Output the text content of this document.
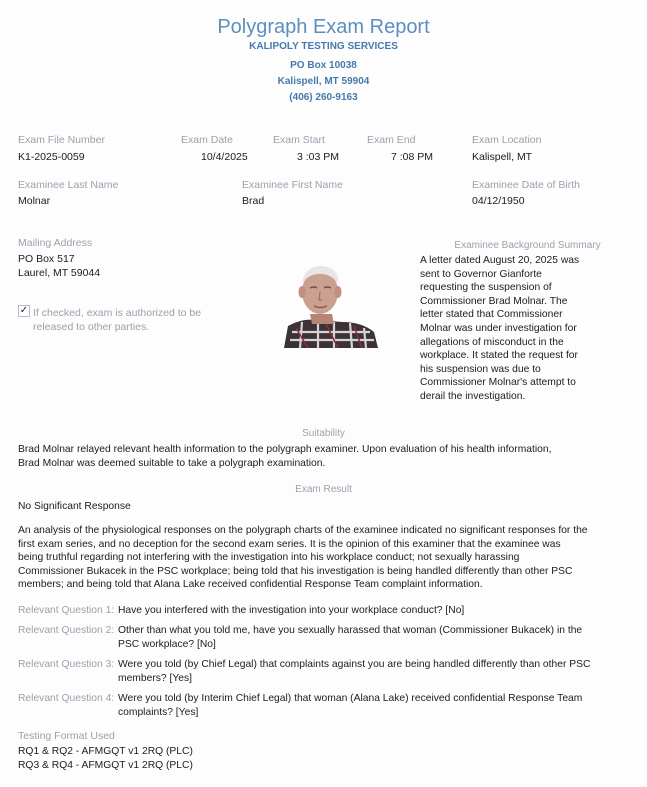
Polygraph Exam Report
KALIPOLY TESTING SERVICES
PO Box 10038
Kalispell, MT 59904
(406) 260-9163
Exam File Number
K1-2025-0059
Exam Date
10/4/2025
Exam Start
3 :03 PM
Exam End
7 :08 PM
Exam Location
Kalispell, MT
Examinee Last Name
Molnar
Examinee First Name
Brad
Examinee Date of Birth
04/12/1950
Mailing Address
PO Box 517
Laurel, MT 59044
✓ If checked, exam is authorized to be
released to other parties.
Examinee Background Summary
A letter dated August 20, 2025 was
sent to Governor Gianforte
requesting the suspension of
Commissioner Brad Molnar. The
letter stated that Commissioner
Molnar was under investigation for
allegations of misconduct in the
workplace. It stated the request for
his suspension was due to
Commissioner Molnar's attempt to
derail the investigation.
Suitability
Brad Molnar relayed relevant health information to the polygraph examiner. Upon evaluation of his health information,
Brad Molnar was deemed suitable to take a polygraph examination.
Exam Result
No Significant Response
An analysis of the physiological responses on the polygraph charts of the examinee indicated no significant responses for the
first exam series, and no deception for the second exam series. It is the opinion of this examiner that the examinee was
being truthful regarding not interfering with the investigation into his workplace conduct; not sexually harassing
Commissioner Bukacek in the PSC workplace; being told that his investigation is being handled differently than other PSC
members; and being told that Alana Lake received confidential Response Team complaint information.
Relevant Question 1: Have you interfered with the investigation into your workplace conduct? [No]
Relevant Question 2: Other than what you told me, have you sexually harassed that woman (Commissioner Bukacek) in the
PSC workplace? [No]
Relevant Question 3: Were you told (by Chief Legal) that complaints against you are being handled differently than other PSC
members? [Yes]
Relevant Question 4: Were you told (by Interim Chief Legal) that woman (Alana Lake) received confidential Response Team
complaints? [Yes]
Testing Format Used
RQ1 & RQ2 - AFMGQT v1 2RQ (PLC)
RQ3 & RQ4 - AFMGQT v1 2RQ (PLC)
